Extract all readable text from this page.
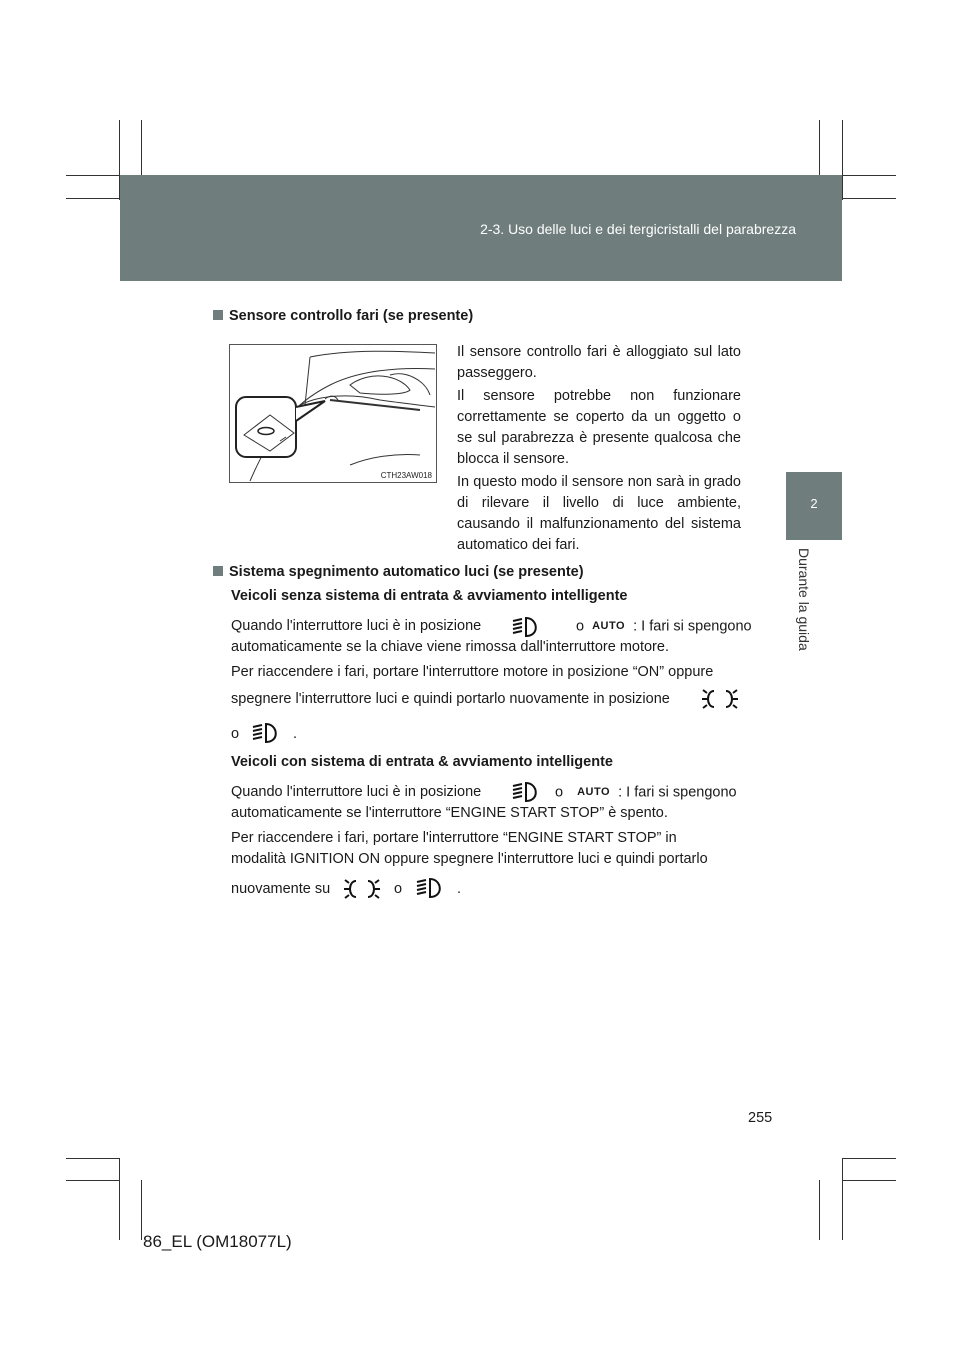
2-3. Uso delle luci e dei tergicristalli del parabrezza
2
Durante la guida
Sensore controllo fari (se presente)
CTH23AW018
Il sensore controllo fari è alloggiato sul lato passeggero.
Il sensore potrebbe non funzionare correttamente se coperto da un oggetto o se sul parabrezza è presente qualcosa che blocca il sensore.
In questo modo il sensore non sarà in grado di rilevare il livello di luce ambiente, causando il malfunzionamento del sistema automatico dei fari.
Sistema spegnimento automatico luci (se presente)
Veicoli senza sistema di entrata & avviamento intelligente
Quando l'interruttore luci è in posizione	o AUTO : I fari si spengono
automaticamente se la chiave viene rimossa dall'interruttore motore.
Per riaccendere i fari, portare l'interruttore motore in posizione “ON” oppure
spegnere l'interruttore luci e quindi portarlo nuovamente in posizione
o	.
Veicoli con sistema di entrata & avviamento intelligente
Quando l'interruttore luci è in posizione	o AUTO : I fari si spengono
automaticamente se l'interruttore “ENGINE START STOP” è spento.
Per riaccendere i fari, portare l'interruttore “ENGINE START STOP” in
modalità IGNITION ON oppure spegnere l'interruttore luci e quindi portarlo
nuovamente su	o	.
255
86_EL (OM18077L)
